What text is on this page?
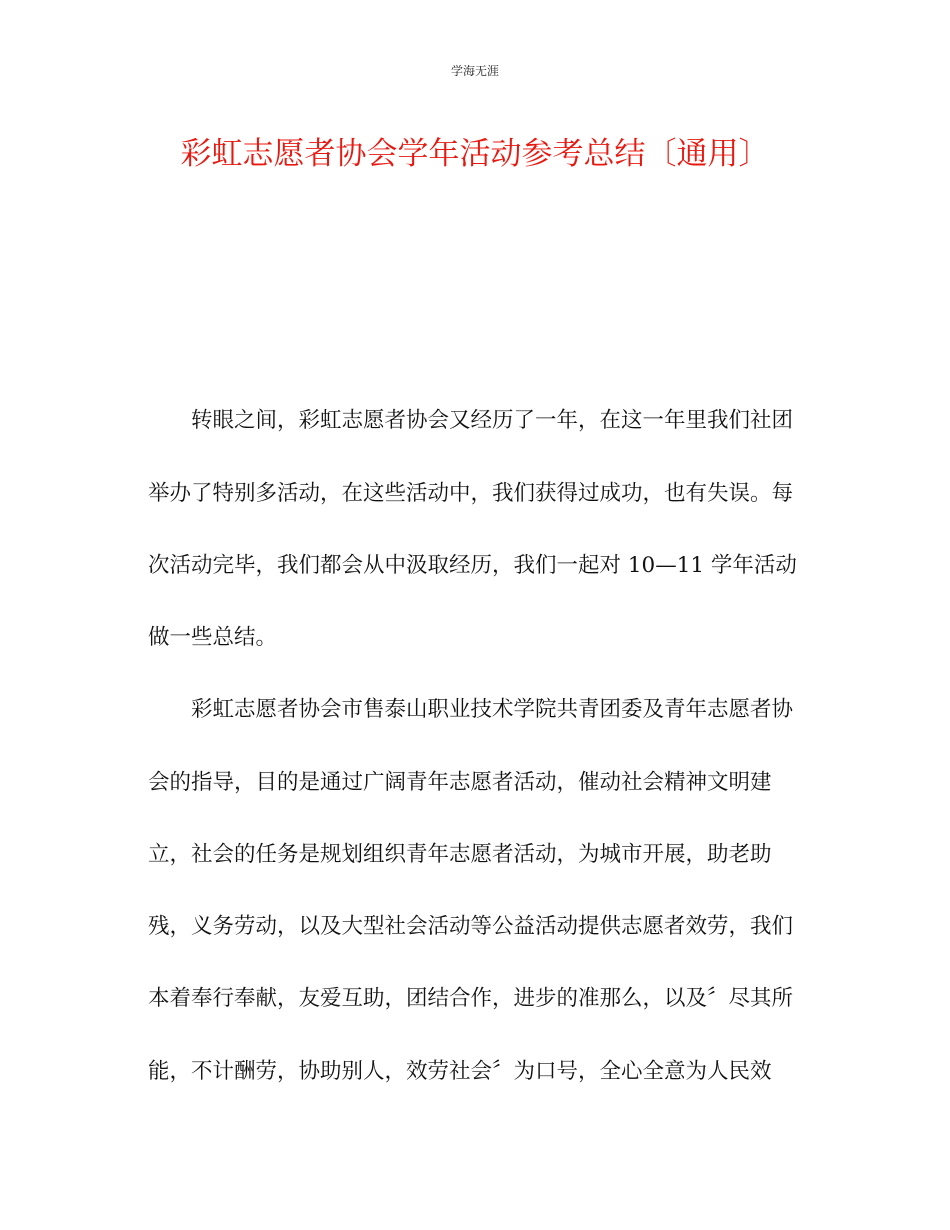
学海无涯
彩虹志愿者协会学年活动参考总结〔通用〕
转眼之间，彩虹志愿者协会又经历了一年，在这一年里我们社团
举办了特别多活动，在这些活动中，我们获得过成功，也有失误。每
次活动完毕，我们都会从中汲取经历，我们一起对 10—11 学年活动
做一些总结。
彩虹志愿者协会市售泰山职业技术学院共青团委及青年志愿者协
会的指导，目的是通过广阔青年志愿者活动，催动社会精神文明建
立，社会的任务是规划组织青年志愿者活动，为城市开展，助老助
残，义务劳动，以及大型社会活动等公益活动提供志愿者效劳，我们
本着奉行奉献，友爱互助，团结合作，进步的准那么，以及〞尽其所
能，不计酬劳，协助别人，效劳社会〞为口号，全心全意为人民效
